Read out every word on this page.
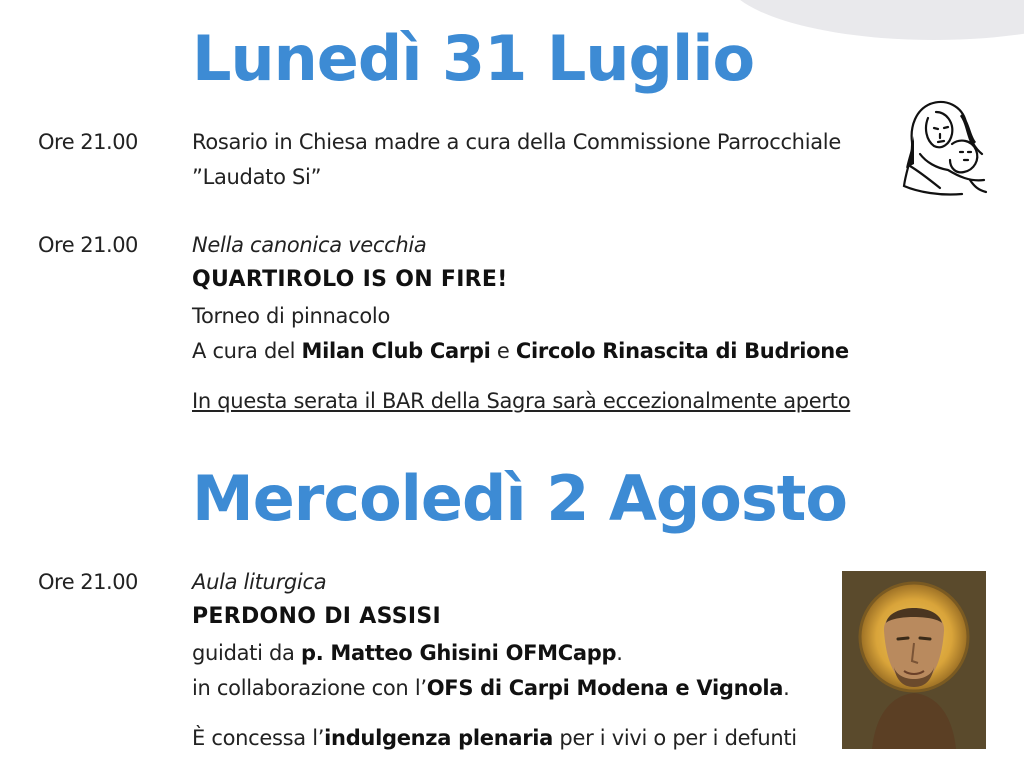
Lunedì 31 Luglio
Ore 21.00	Rosario in Chiesa madre a cura della Commissione Parrocchiale
”Laudato Si”
Ore 21.00	Nella canonica vecchia
QUARTIROLO IS ON FIRE!
Torneo di pinnacolo
A cura del Milan Club Carpi e Circolo Rinascita di Budrione
In questa serata il BAR della Sagra sarà eccezionalmente aperto
Mercoledì 2 Agosto
Ore 21.00	Aula liturgica
PERDONO DI ASSISI
guidati da p. Matteo Ghisini OFMCapp.
in collaborazione con l’OFS di Carpi Modena e Vignola.
È concessa l’indulgenza plenaria per i vivi o per i defunti
